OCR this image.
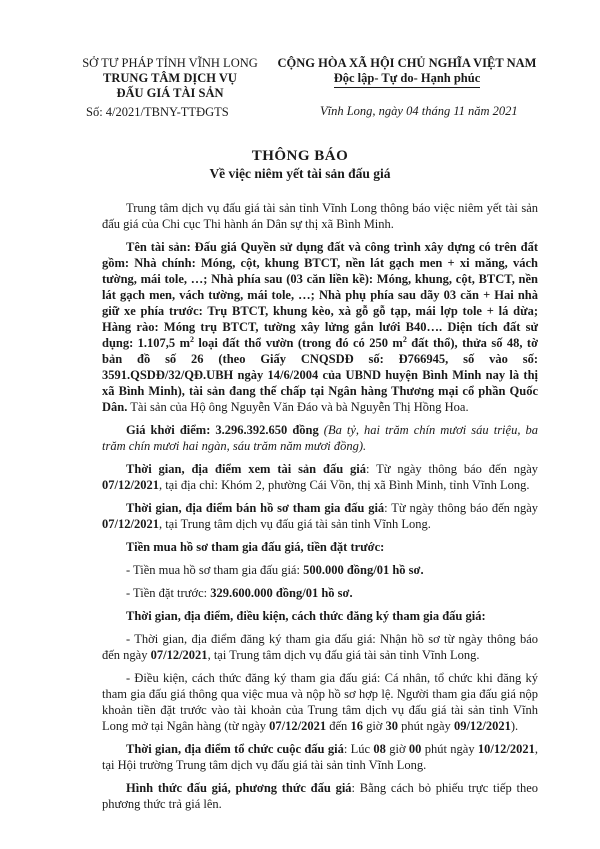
SỞ TƯ PHÁP TỈNH VĨNH LONG
TRUNG TÂM DỊCH VỤ
ĐẤU GIÁ TÀI SẢN
Số: 4/2021/TBNY-TTĐGTS
CỘNG HÒA XÃ HỘI CHỦ NGHĨA VIỆT NAM
Độc lập- Tự do- Hạnh phúc
Vĩnh Long, ngày 04 tháng 11 năm 2021
THÔNG BÁO
Về việc niêm yết tài sản đấu giá

Trung tâm dịch vụ đấu giá tài sản tỉnh Vĩnh Long thông báo việc niêm yết tài sản đấu giá của Chi cục Thi hành án Dân sự thị xã Bình Minh.

Tên tài sản: Đấu giá Quyền sử dụng đất và công trình xây dựng có trên đất gồm: Nhà chính: Móng, cột, khung BTCT, nền lát gạch men + xi măng, vách tường, mái tole, …; Nhà phía sau (03 căn liền kề): Móng, khung, cột, BTCT, nền lát gạch men, vách tường, mái tole, …; Nhà phụ phía sau dãy 03 căn + Hai nhà giữ xe phía trước: Trụ BTCT, khung kèo, xà gỗ gỗ tạp, mái lợp tole + lá dừa; Hàng rào: Móng trụ BTCT, tường xây lửng gắn lưới B40…. Diện tích đất sử dụng: 1.107,5 $m^2$ loại đất thổ vườn (trong đó có 250 $m^2$ đất thổ), thửa số 48, tờ bản đồ số 26 (theo Giấy CNQSDĐ số: Đ766945, số vào số: 3591.QSDĐ/32/QĐ.UBH ngày 14/6/2004 của UBND huyện Bình Minh nay là thị xã Bình Minh), tài sản đang thế chấp tại Ngân hàng Thương mại cổ phần Quốc Dân. Tài sản của Hộ ông Nguyễn Văn Đáo và bà Nguyễn Thị Hồng Hoa.

Giá khởi điểm: 3.296.392.650 đồng (Ba tỷ, hai trăm chín mươi sáu triệu, ba trăm chín mươi hai ngàn, sáu trăm năm mươi đồng).

Thời gian, địa điểm xem tài sản đấu giá: Từ ngày thông báo đến ngày 07/12/2021, tại địa chỉ: Khóm 2, phường Cái Vồn, thị xã Bình Minh, tỉnh Vĩnh Long.

Thời gian, địa điểm bán hồ sơ tham gia đấu giá: Từ ngày thông báo đến ngày 07/12/2021, tại Trung tâm dịch vụ đấu giá tài sản tỉnh Vĩnh Long.

Tiền mua hồ sơ tham gia đấu giá, tiền đặt trước:

- Tiền mua hồ sơ tham gia đấu giá: 500.000 đồng/01 hồ sơ.

- Tiền đặt trước: 329.600.000 đồng/01 hồ sơ.

Thời gian, địa điểm, điều kiện, cách thức đăng ký tham gia đấu giá:

- Thời gian, địa điểm đăng ký tham gia đấu giá: Nhận hồ sơ từ ngày thông báo đến ngày 07/12/2021, tại Trung tâm dịch vụ đấu giá tài sản tỉnh Vĩnh Long.

- Điều kiện, cách thức đăng ký tham gia đấu giá: Cá nhân, tổ chức khi đăng ký tham gia đấu giá thông qua việc mua và nộp hồ sơ hợp lệ. Người tham gia đấu giá nộp khoản tiền đặt trước vào tài khoản của Trung tâm dịch vụ đấu giá tài sản tỉnh Vĩnh Long mở tại Ngân hàng (từ ngày 07/12/2021 đến 16 giờ 30 phút ngày 09/12/2021).

Thời gian, địa điểm tổ chức cuộc đấu giá: Lúc 08 giờ 00 phút ngày 10/12/2021, tại Hội trường Trung tâm dịch vụ đấu giá tài sản tỉnh Vĩnh Long.

Hình thức đấu giá, phương thức đấu giá: Bằng cách bỏ phiếu trực tiếp theo phương thức trả giá lên.
